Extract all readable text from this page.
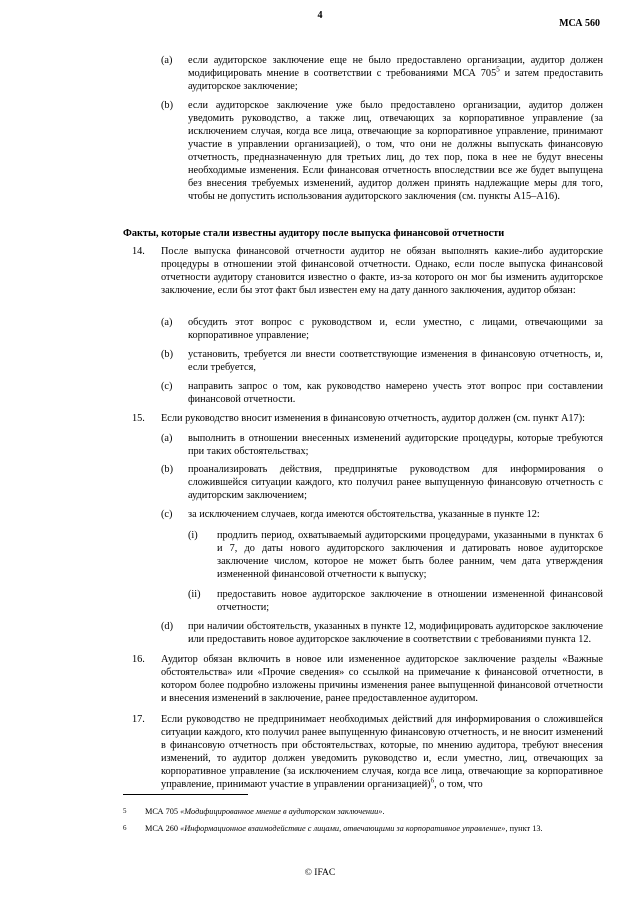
4
МСА 560
(a) если аудиторское заключение еще не было предоставлено организации, аудитор должен модифицировать мнение в соответствии с требованиями МСА $705^5$ и затем предоставить аудиторское заключение;
(b) если аудиторское заключение уже было предоставлено организации, аудитор должен уведомить руководство, а также лиц, отвечающих за корпоративное управление (за исключением случая, когда все лица, отвечающие за корпоративное управление, принимают участие в управлении организацией), о том, что они не должны выпускать финансовую отчетность, предназначенную для третьих лиц, до тех пор, пока в нее не будут внесены необходимые изменения. Если финансовая отчетность впоследствии все же будет выпущена без внесения требуемых изменений, аудитор должен принять надлежащие меры для того, чтобы не допустить использования аудиторского заключения (см. пункты A15–A16).
Факты, которые стали известны аудитору после выпуска финансовой отчетности
14. После выпуска финансовой отчетности аудитор не обязан выполнять какие-либо аудиторские процедуры в отношении этой финансовой отчетности. Однако, если после выпуска финансовой отчетности аудитору становится известно о факте, из-за которого он мог бы изменить аудиторское заключение, если бы этот факт был известен ему на дату данного заключения, аудитор обязан:
(a) обсудить этот вопрос с руководством и, если уместно, с лицами, отвечающими за корпоративное управление;
(b) установить, требуется ли внести соответствующие изменения в финансовую отчетность, и, если требуется,
(c) направить запрос о том, как руководство намерено учесть этот вопрос при составлении финансовой отчетности.
15. Если руководство вносит изменения в финансовую отчетность, аудитор должен (см. пункт A17):
(a) выполнить в отношении внесенных изменений аудиторские процедуры, которые требуются при таких обстоятельствах;
(b) проанализировать действия, предпринятые руководством для информирования о сложившейся ситуации каждого, кто получил ранее выпущенную финансовую отчетность с аудиторским заключением;
(c) за исключением случаев, когда имеются обстоятельства, указанные в пункте 12:
(i) продлить период, охватываемый аудиторскими процедурами, указанными в пунктах 6 и 7, до даты нового аудиторского заключения и датировать новое аудиторское заключение числом, которое не может быть более ранним, чем дата утверждения измененной финансовой отчетности к выпуску;
(ii) предоставить новое аудиторское заключение в отношении измененной финансовой отчетности;
(d) при наличии обстоятельств, указанных в пункте 12, модифицировать аудиторское заключение или предоставить новое аудиторское заключение в соответствии с требованиями пункта 12.
16. Аудитор обязан включить в новое или измененное аудиторское заключение разделы «Важные обстоятельства» или «Прочие сведения» со ссылкой на примечание к финансовой отчетности, в котором более подробно изложены причины изменения ранее выпущенной финансовой отчетности и внесения изменений в заключение, ранее предоставленное аудитором.
17. Если руководство не предпринимает необходимых действий для информирования о сложившейся ситуации каждого, кто получил ранее выпущенную финансовую отчетность, и не вносит изменений в финансовую отчетность при обстоятельствах, которые, по мнению аудитора, требуют внесения изменений, то аудитор должен уведомить руководство и, если уместно, лиц, отвечающих за корпоративное управление (за исключением случая, когда все лица, отвечающие за корпоративное управление, принимают участие в управлении организацией)$^6$, о том, что
5 МСА 705 «Модифицированное мнение в аудиторском заключении».
6 МСА 260 «Информационное взаимодействие с лицами, отвечающими за корпоративное управление», пункт 13.
© IFAC
